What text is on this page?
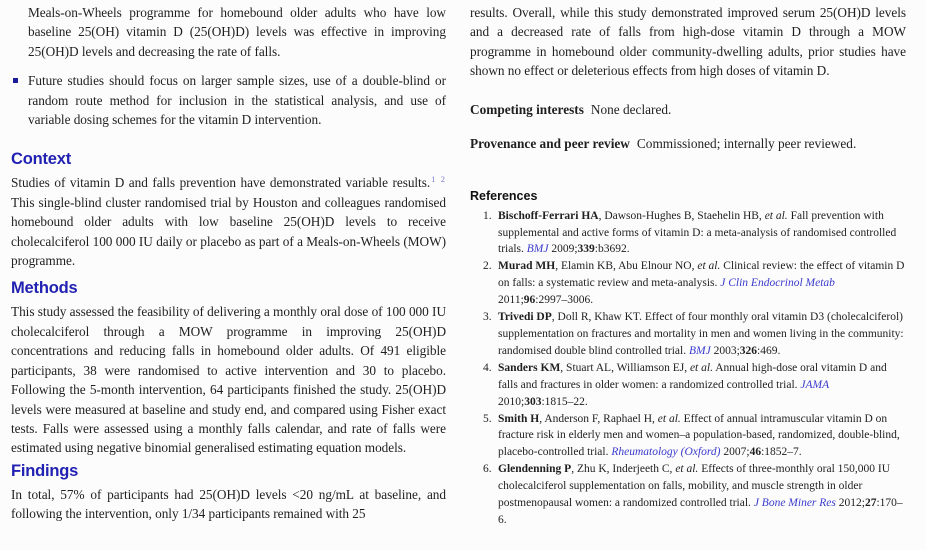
Meals-on-Wheels programme for homebound older adults who have low baseline 25(OH) vitamin D (25(OH)D) levels was effective in improving 25(OH)D levels and decreasing the rate of falls.

Future studies should focus on larger sample sizes, use of a double-blind or random route method for inclusion in the statistical analysis, and use of variable dosing schemes for the vitamin D intervention.

Context

Studies of vitamin D and falls prevention have demonstrated variable results.$^{1 2}$ This single-blind cluster randomised trial by Houston and colleagues randomised homebound older adults with low baseline 25(OH)D levels to receive cholecalciferol 100 000 IU daily or placebo as part of a Meals-on-Wheels (MOW) programme.

Methods

This study assessed the feasibility of delivering a monthly oral dose of 100 000 IU cholecalciferol through a MOW programme in improving 25(OH)D concentrations and reducing falls in homebound older adults. Of 491 eligible participants, 38 were randomised to active intervention and 30 to placebo. Following the 5-month intervention, 64 participants finished the study. 25(OH)D levels were measured at baseline and study end, and compared using Fisher exact tests. Falls were assessed using a monthly falls calendar, and rate of falls were estimated using negative binomial generalised estimating equation models.

Findings

In total, 57% of participants had 25(OH)D levels <20 ng/mL at baseline, and following the intervention, only 1/34 participants remained with 25

results. Overall, while this study demonstrated improved serum 25(OH)D levels and a decreased rate of falls from high-dose vitamin D through a MOW programme in homebound older community-dwelling adults, prior studies have shown no effect or deleterious effects from high doses of vitamin D.

Competing interests None declared.

Provenance and peer review Commissioned; internally peer reviewed.

References
1. Bischoff-Ferrari HA, Dawson-Hughes B, Staehelin HB, et al. Fall prevention with supplemental and active forms of vitamin D: a meta-analysis of randomised controlled trials. BMJ 2009;339:b3692.
2. Murad MH, Elamin KB, Abu Elnour NO, et al. Clinical review: the effect of vitamin D on falls: a systematic review and meta-analysis. J Clin Endocrinol Metab 2011;96:2997–3006.
3. Trivedi DP, Doll R, Khaw KT. Effect of four monthly oral vitamin D3 (cholecalciferol) supplementation on fractures and mortality in men and women living in the community: randomised double blind controlled trial. BMJ 2003;326:469.
4. Sanders KM, Stuart AL, Williamson EJ, et al. Annual high-dose oral vitamin D and falls and fractures in older women: a randomized controlled trial. JAMA 2010;303:1815–22.
5. Smith H, Anderson F, Raphael H, et al. Effect of annual intramuscular vitamin D on fracture risk in elderly men and women–a population-based, randomized, double-blind, placebo-controlled trial. Rheumatology (Oxford) 2007;46:1852–7.
6. Glendenning P, Zhu K, Inderjeeth C, et al. Effects of three-monthly oral 150,000 IU cholecalciferol supplementation on falls, mobility, and muscle strength in older postmenopausal women: a randomized controlled trial. J Bone Miner Res 2012;27:170–6.
